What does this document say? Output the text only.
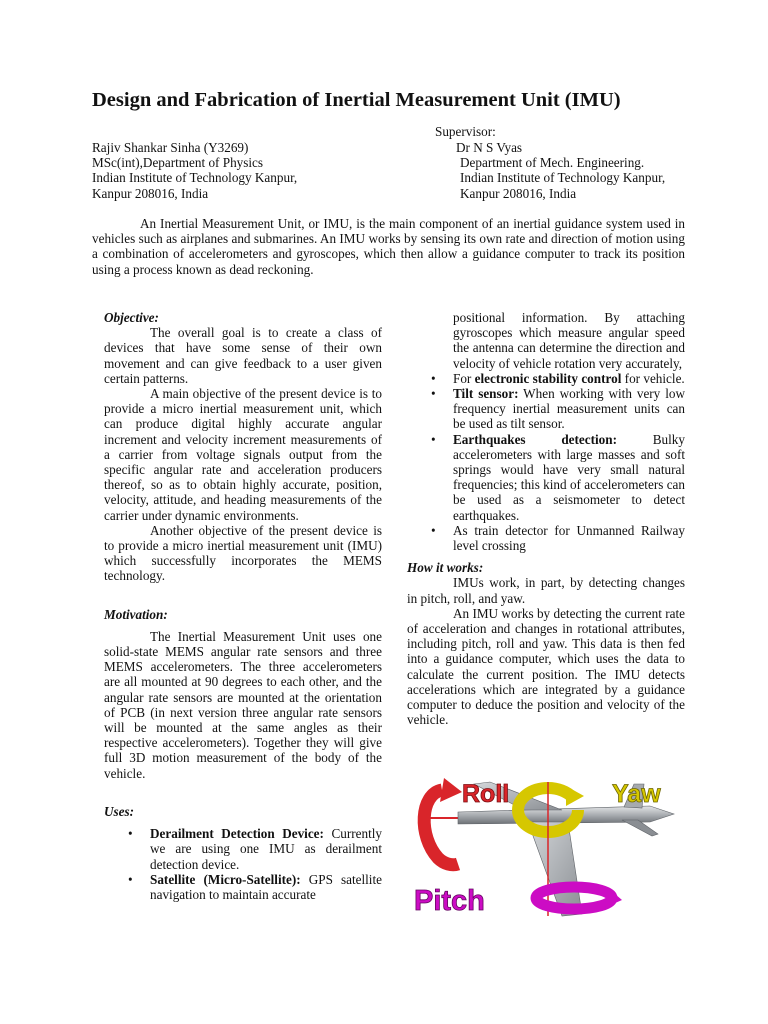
Design and Fabrication of Inertial Measurement Unit (IMU)
Rajiv Shankar Sinha (Y3269)
MSc(int),Department of Physics
Indian Institute of Technology Kanpur,
Kanpur 208016, India
Supervisor:
Dr N S Vyas
Department of Mech. Engineering.
Indian Institute of Technology Kanpur,
Kanpur 208016, India

An Inertial Measurement Unit, or IMU, is the main component of an inertial guidance system used in vehicles such as airplanes and submarines. An IMU works by sensing its own rate and direction of motion using a combination of accelerometers and gyroscopes, which then allow a guidance computer to track its position using a process known as dead reckoning.

Objective:

The overall goal is to create a class of devices that have some sense of their own movement and can give feedback to a user given certain patterns.

A main objective of the present device is to provide a micro inertial measurement unit, which can produce digital highly accurate angular increment and velocity increment measurements of a carrier from voltage signals output from the specific angular rate and acceleration producers thereof, so as to obtain highly accurate, position, velocity, attitude, and heading measurements of the carrier under dynamic environments.

Another objective of the present device is to provide a micro inertial measurement unit (IMU) which successfully incorporates the MEMS technology.

Motivation:

The Inertial Measurement Unit uses one solid-state MEMS angular rate sensors and three MEMS accelerometers. The three accelerometers are all mounted at 90 degrees to each other, and the angular rate sensors are mounted at the orientation of PCB (in next version three angular rate sensors will be mounted at the same angles as their respective accelerometers). Together they will give full 3D motion measurement of the body of the vehicle.

Uses:
• Derailment Detection Device: Currently we are using one IMU as derailment detection device.
• Satellite (Micro-Satellite): GPS satellite navigation to maintain accurate
positional information. By attaching gyroscopes which measure angular speed the antenna can determine the direction and velocity of vehicle rotation very accurately,
• For electronic stability control for vehicle.
• Tilt sensor: When working with very low frequency inertial measurement units can be used as tilt sensor.
• Earthquakes detection: Bulky accelerometers with large masses and soft springs would have very small natural frequencies; this kind of accelerometers can be used as a seismometer to detect earthquakes.
• As train detector for Unmanned Railway level crossing
How it works:

IMUs work, in part, by detecting changes in pitch, roll, and yaw.

An IMU works by detecting the current rate of acceleration and changes in rotational attributes, including pitch, roll and yaw. This data is then fed into a guidance computer, which uses the data to calculate the current position. The IMU detects accelerations which are integrated by a guidance computer to deduce the position and velocity of the vehicle.

Roll	Yaw
Pitch
